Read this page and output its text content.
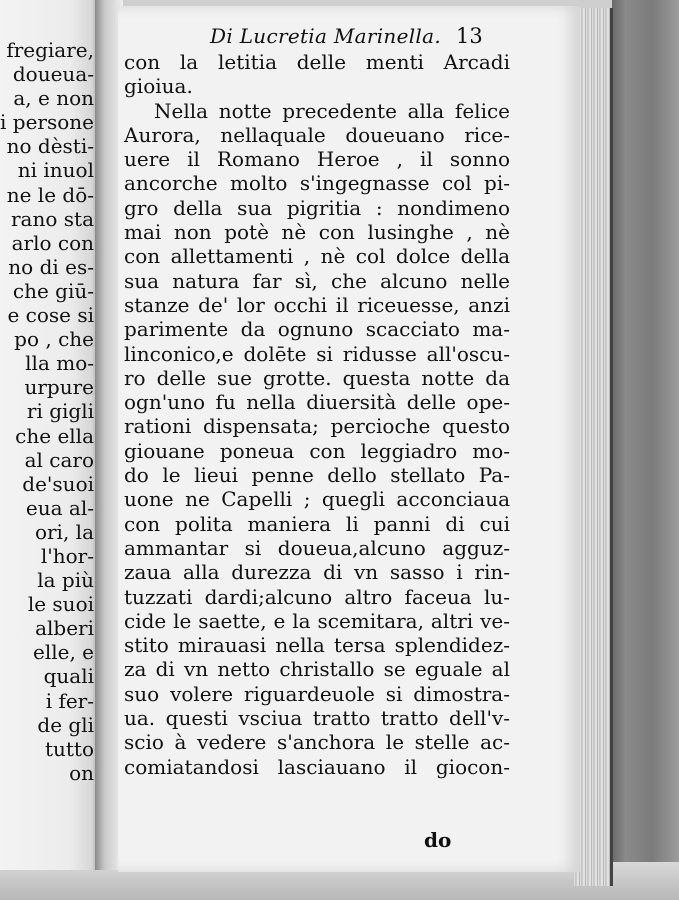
fregiare,
doueua-
a, e non
i persone
no dèsti-
ni inuol
ne le dō-
rano sta
arlo con
no di es-
che giū-
e cose si
po , che
lla mo-
urpure
ri gigli
che ella
al caro
de'suoi
eua al-
ori, la
l'hor-
la più
le suoi
alberi
elle, e
quali
i fer-
de gli
tutto
on
Di Lucretia Marinella. 13
con la letitia delle menti Arcadi
gioiua.
Nella notte precedente alla felice
Aurora, nellaquale doueuano rice-
uere il Romano Heroe , il sonno
ancorche molto s'ingegnasse col pi-
gro della sua pigritia : nondimeno
mai non potè nè con lusinghe , nè
con allettamenti , nè col dolce della
sua natura far sì, che alcuno nelle
stanze de' lor occhi il riceuesse, anzi
parimente da ognuno scacciato ma-
linconico,e dolēte si ridusse all'oscu-
ro delle sue grotte. questa notte da
ogn'uno fu nella diuersità delle ope-
rationi dispensata; percioche questo
giouane poneua con leggiadro mo-
do le lieui penne dello stellato Pa-
uone ne Capelli ; quegli acconciaua
con polita maniera li panni di cui
ammantar si doueua,alcuno agguz-
zaua alla durezza di vn sasso i rin-
tuzzati dardi;alcuno altro faceua lu-
cide le saette, e la scemitara, altri ve-
stito mirauasi nella tersa splendidez-
za di vn netto christallo se eguale al
suo volere riguardeuole si dimostra-
ua. questi vsciua tratto tratto dell'v-
scio à vedere s'anchora le stelle ac-
comiatandosi lasciauano il giocon-
do
